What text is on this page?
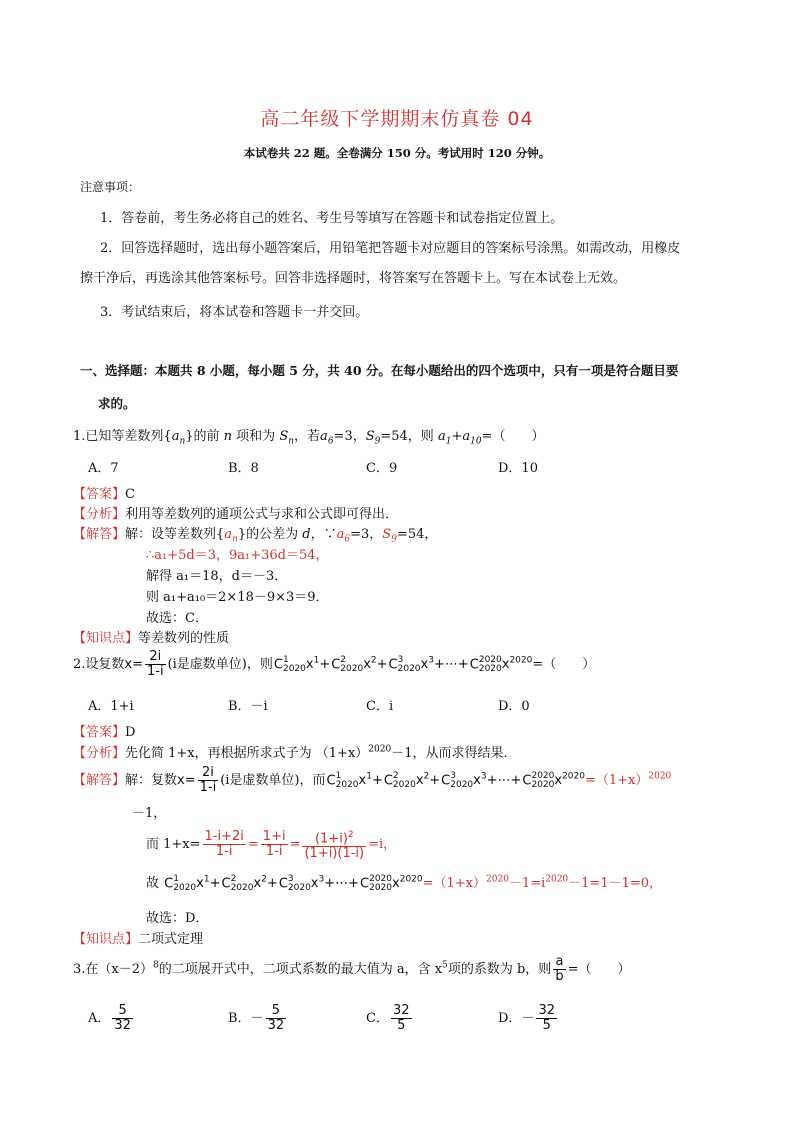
高二年级下学期期末仿真卷 04
本试卷共 22 题。全卷满分 150 分。考试用时 120 分钟。
注意事项：
1．答卷前，考生务必将自己的姓名、考生号等填写在答题卡和试卷指定位置上。
2．回答选择题时，选出每小题答案后，用铅笔把答题卡对应题目的答案标号涂黑。如需改动，用橡皮
擦干净后，再选涂其他答案标号。回答非选择题时，将答案写在答题卡上。写在本试卷上无效。
3．考试结束后，将本试卷和答题卡一并交回。
一、选择题：本题共 8 小题，每小题 5 分，共 40 分。在每小题给出的四个选项中，只有一项是符合题目要
求的。
1.已知等差数列$\{a_n\}$的前 n 项和为 $S_n$，若$a_6=3$，$S_9=54$，则 $a_1+a_{10}=$（　　）
A．7	B．8	C．9	D．10
【答案】C
【分析】利用等差数列的通项公式与求和公式即可得出．
【解答】解：设等差数列$\{a_n\}$的公差为 d，$\because a_6=3$，$S_9=54$，
∴a₁+5d＝3，9a₁+36d＝54，
解得 a₁＝18，d＝－3．
则 a₁+a₁₀＝2×18－9×3＝9．
故选：C．
【知识点】等差数列的性质
2.设复数$x= \frac{2i}{1-i} (i$是虚数单位)，则C 1
2020 $x^1+C$ 2
2020 $x^2+C$ 3
2020 $x^3+\cdots+C$ 2020
2020 $x^{2020}=$（　　）
A．1+i	B．－i	C．i	D．0
【答案】D
【分析】先化简 1+x，再根据所求式子为 $(1+x)^{2020}-1$，从而求得结果．
【解答】解：复数$x= \frac{2i}{1-i} (i$是虚数单位)，而C 1
2020 $x^1+C$ 2
2020 $x^2+C$ 3
2020 $x^3+\cdots+C$ 2020
2020 $x^{2020}=(1+x)^{2020}$
－1，
而 $1+x= \frac{1-i+2i}{1-i} = \frac{1+i}{1-i} = \frac{(1+i)^2}{(1+i)(1-i)} =i$，
故 C 1
2020 $x^1+C$ 2
2020 $x^2+C$ 3
2020 $x^3+\cdots+C$ 2020
2020 $x^{2020}=(1+x)^{2020}-1=i^{2020}-1=1-1=0$，
故选：D．
【知识点】二项式定理
3.在$(x-2)^8$的二项展开式中，二项式系数的最大值为 a，含 $x^5$项的系数为 b，则 $\frac{a}{b}$ =（　　）
A． $\frac{5}{32}$	B．－ $\frac{5}{32}$	C． $\frac{32}{5}$	D．－ $\frac{32}{5}$
